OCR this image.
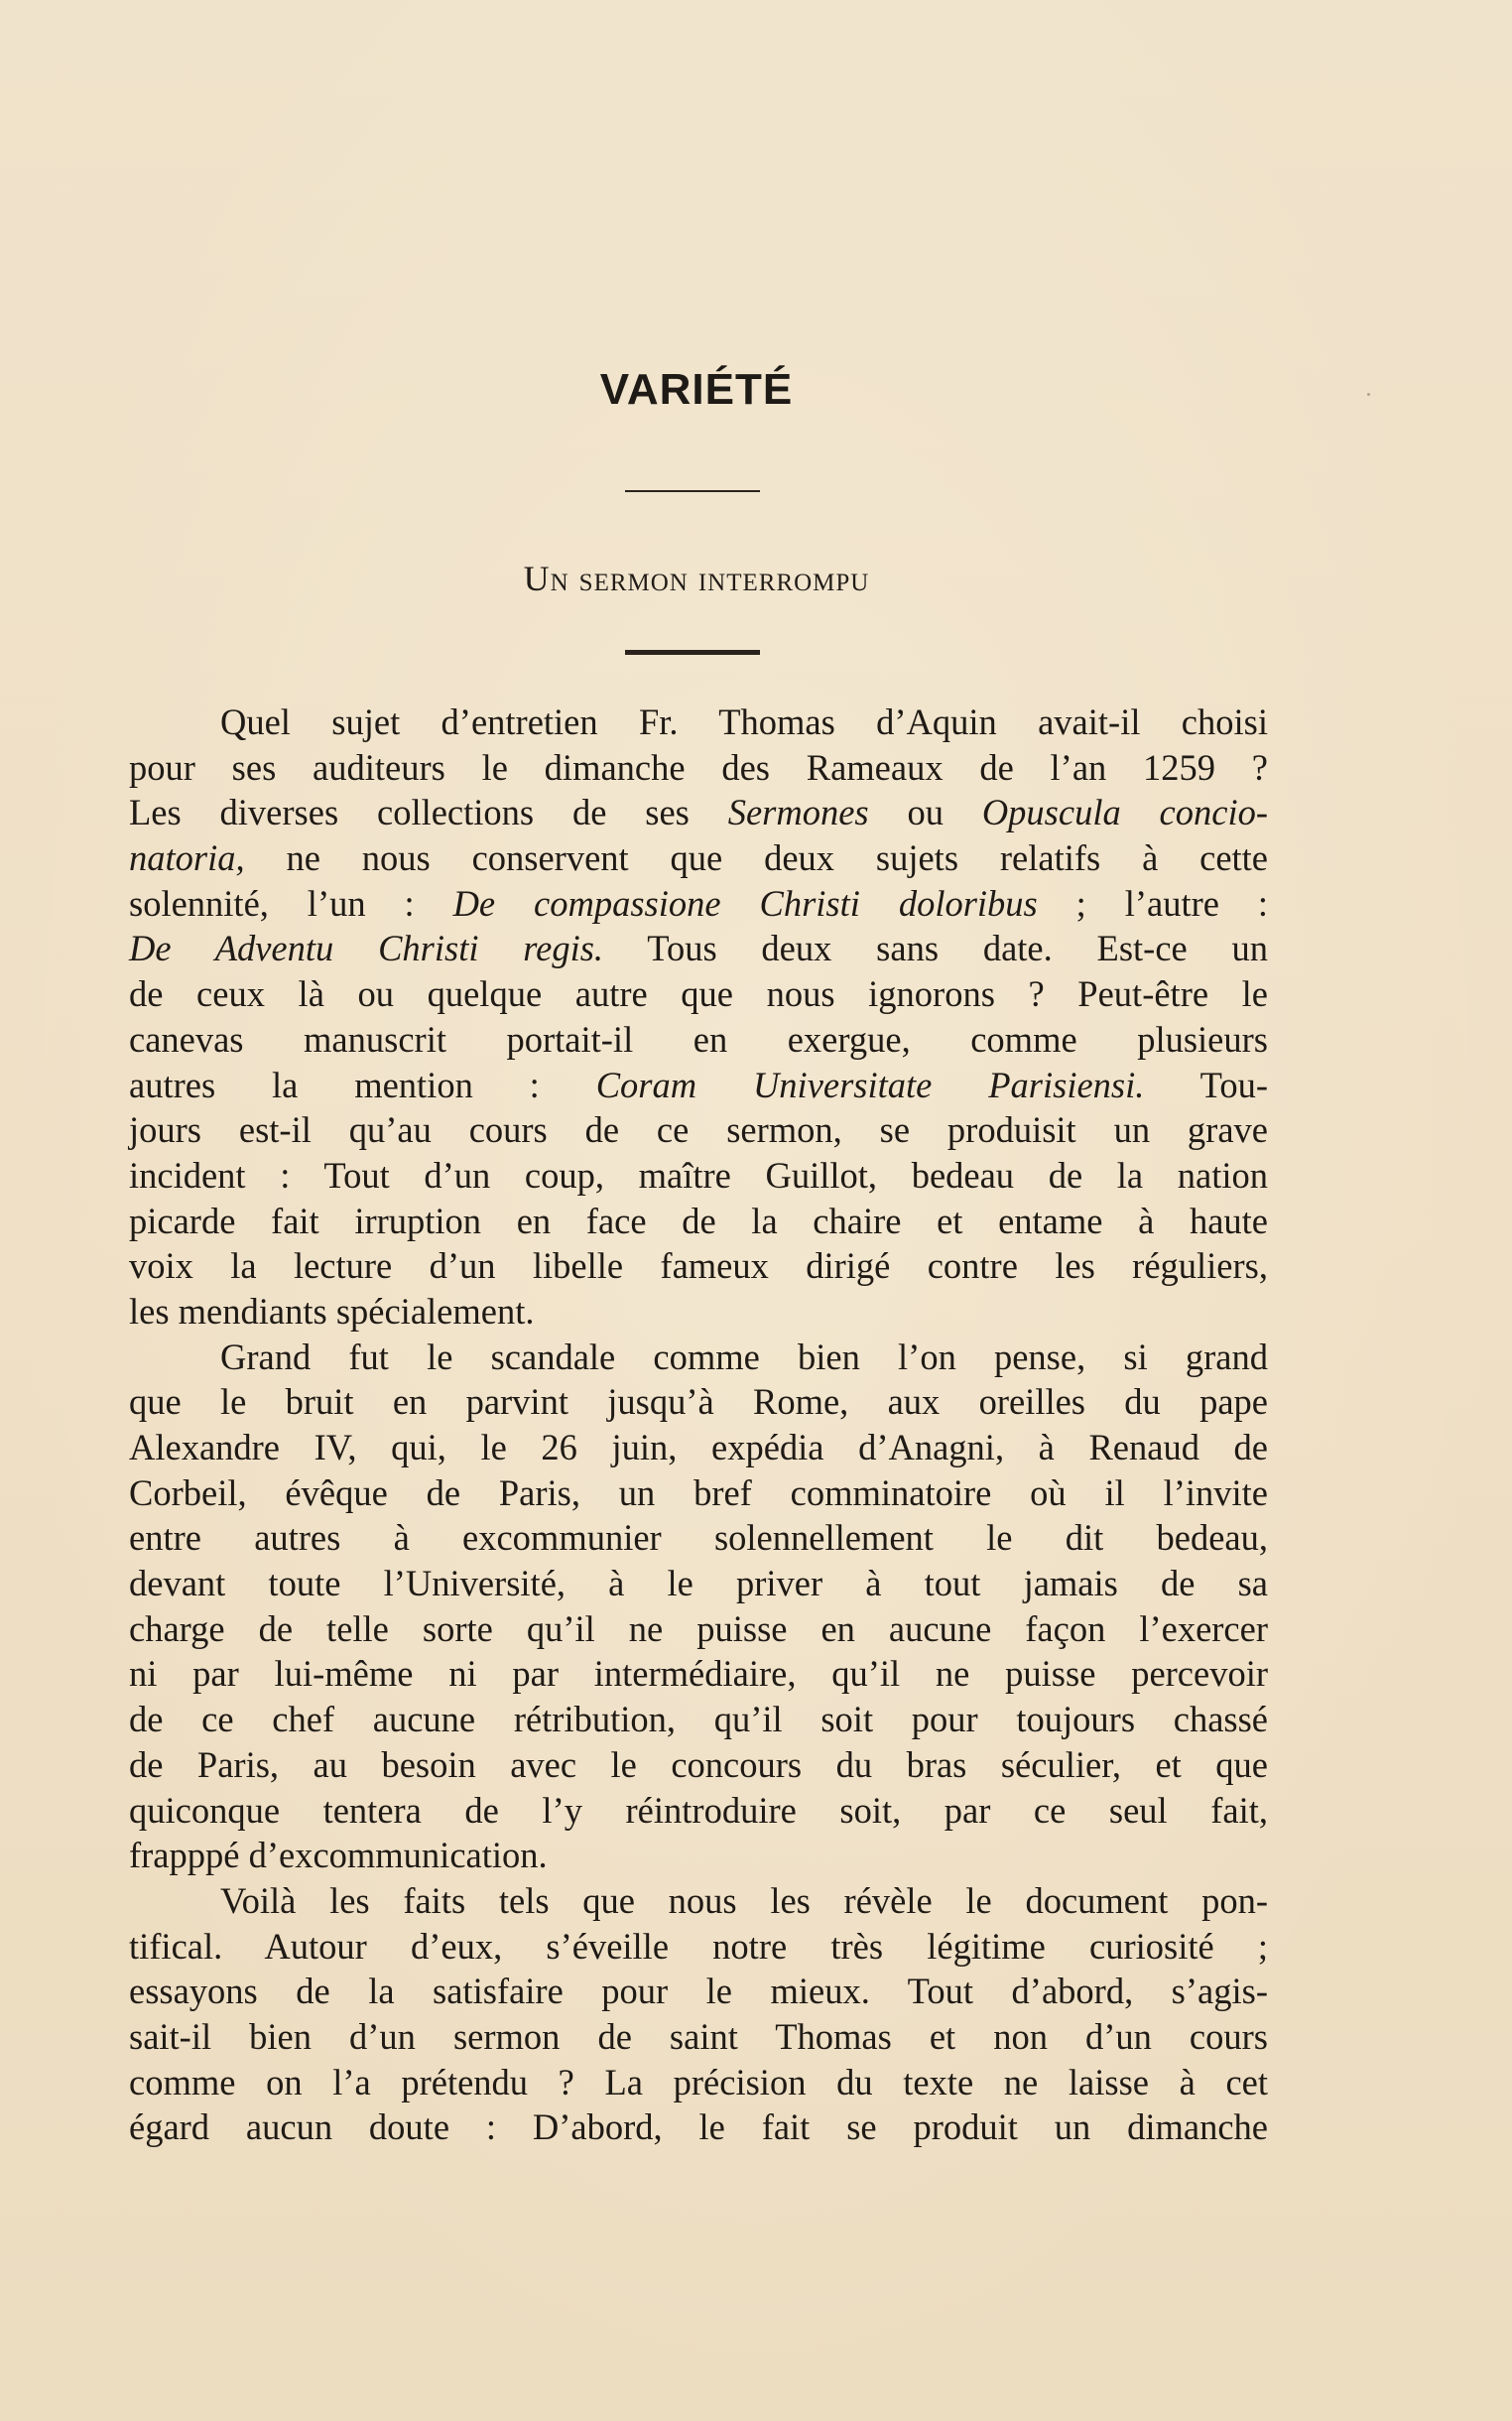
VARIÉTÉ
Un sermon interrompu
Quel sujet d’entretien Fr. Thomas d’Aquin avait-il choisi
pour ses auditeurs le dimanche des Rameaux de l’an 1259 ?
Les diverses collections de ses Sermones ou Opuscula concio-
natoria, ne nous conservent que deux sujets relatifs à cette
solennité, l’un : De compassione Christi doloribus ; l’autre :
De Adventu Christi regis. Tous deux sans date. Est-ce un
de ceux là ou quelque autre que nous ignorons ? Peut-être le
canevas manuscrit portait-il en exergue, comme plusieurs
autres la mention : Coram Universitate Parisiensi. Tou-
jours est-il qu’au cours de ce sermon, se produisit un grave
incident : Tout d’un coup, maître Guillot, bedeau de la nation
picarde fait irruption en face de la chaire et entame à haute
voix la lecture d’un libelle fameux dirigé contre les réguliers,
les mendiants spécialement.
Grand fut le scandale comme bien l’on pense, si grand
que le bruit en parvint jusqu’à Rome, aux oreilles du pape
Alexandre IV, qui, le 26 juin, expédia d’Anagni, à Renaud de
Corbeil, évêque de Paris, un bref comminatoire où il l’invite
entre autres à excommunier solennellement le dit bedeau,
devant toute l’Université, à le priver à tout jamais de sa
charge de telle sorte qu’il ne puisse en aucune façon l’exercer
ni par lui-même ni par intermédiaire, qu’il ne puisse percevoir
de ce chef aucune rétribution, qu’il soit pour toujours chassé
de Paris, au besoin avec le concours du bras séculier, et que
quiconque tentera de l’y réintroduire soit, par ce seul fait,
frapppé d’excommunication.
Voilà les faits tels que nous les révèle le document pon-
tifical. Autour d’eux, s’éveille notre très légitime curiosité ;
essayons de la satisfaire pour le mieux. Tout d’abord, s’agis-
sait-il bien d’un sermon de saint Thomas et non d’un cours
comme on l’a prétendu ? La précision du texte ne laisse à cet
égard aucun doute : D’abord, le fait se produit un dimanche
